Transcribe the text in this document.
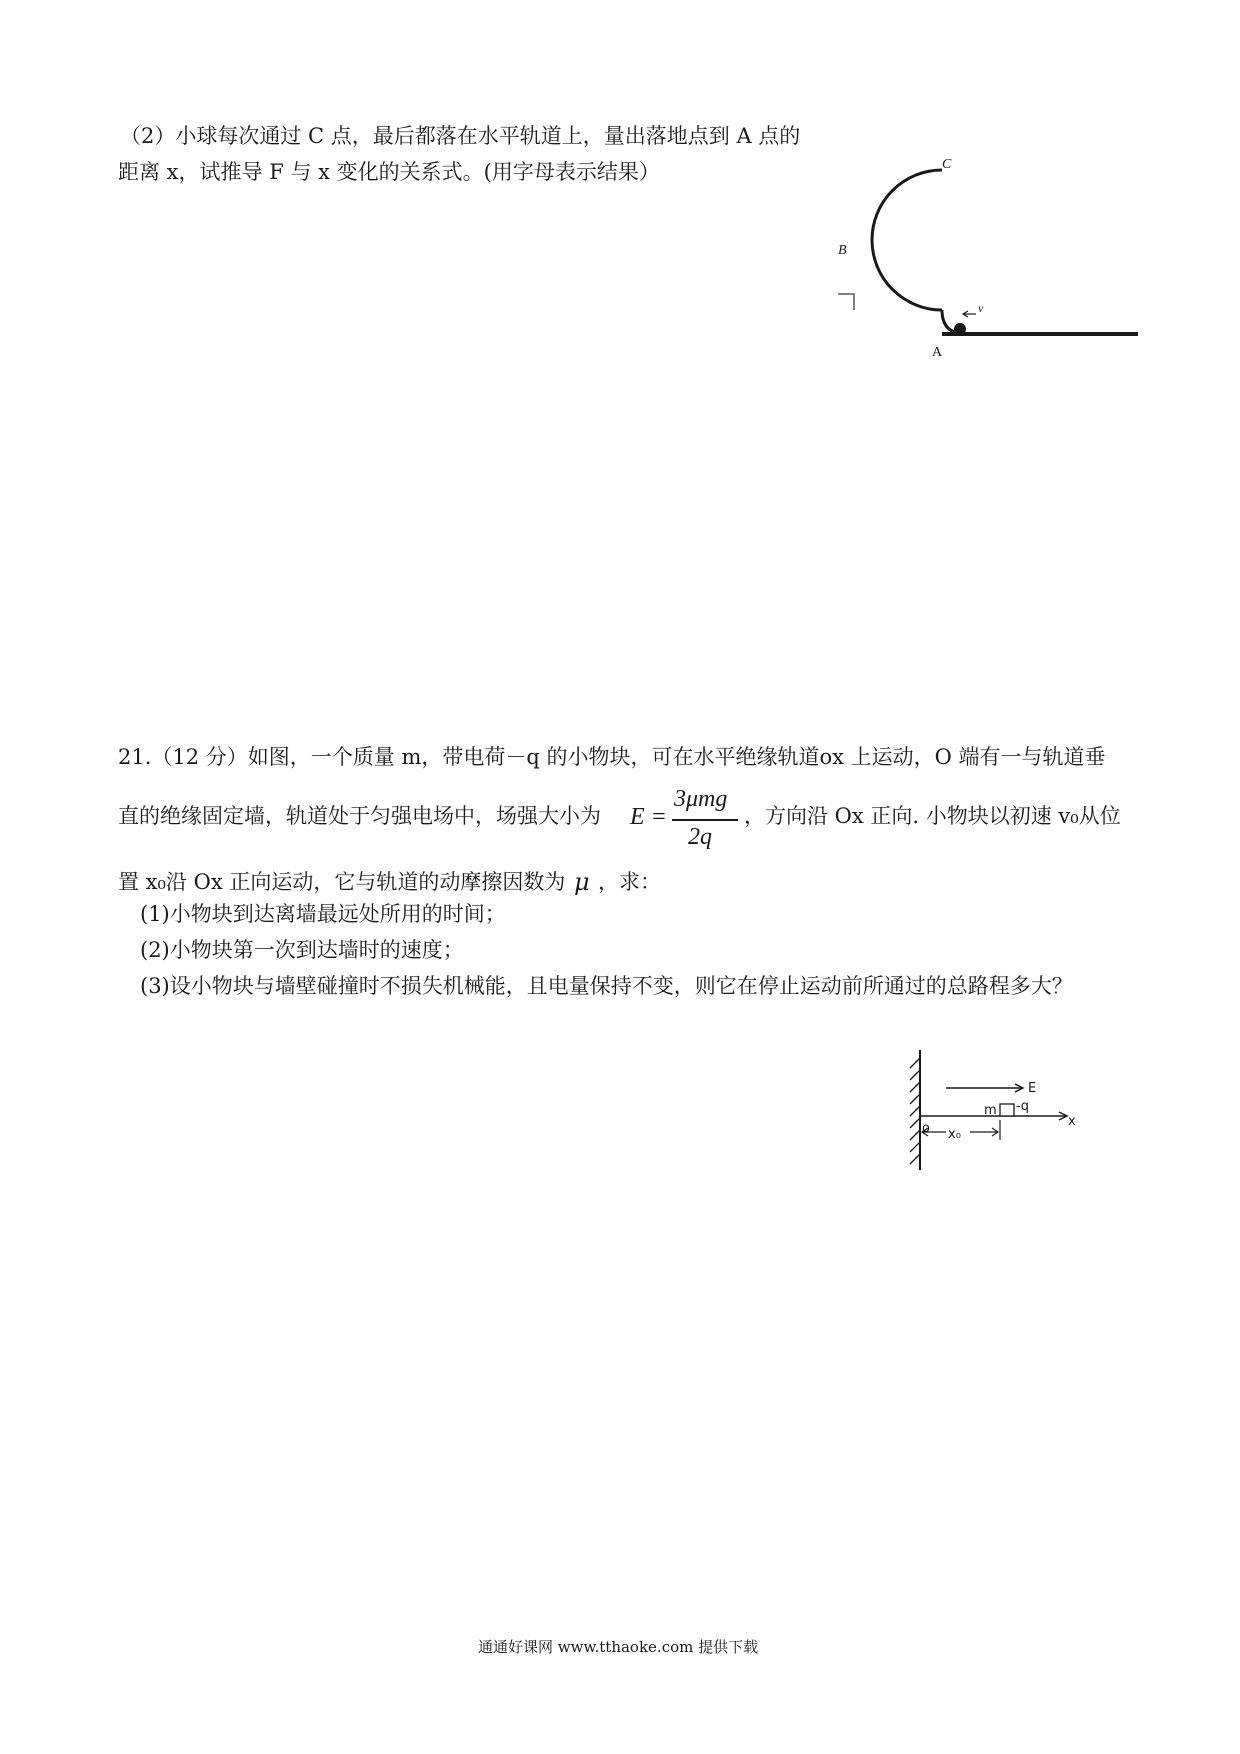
（2）小球每次通过 C 点，最后都落在水平轨道上，量出落地点到 A 点的
距离 x，试推导 F 与 x 变化的关系式。(用字母表示结果）	C
B
v
A
21.（12 分）如图，一个质量 m，带电荷－q 的小物块，可在水平绝缘轨道ox 上运动，O 端有一与轨道垂
直的绝缘固定墙，轨道处于匀强电场中，场强大小为 E =
3μmg
2q
，方向沿 Ox 正向. 小物块以初速 v₀从位
置 x₀沿 Ox 正向运动，它与轨道的动摩擦因数为 μ ，求：
(1)小物块到达离墙最远处所用的时间；
(2)小物块第一次到达墙时的速度；
(3)设小物块与墙壁碰撞时不损失机械能，且电量保持不变，则它在停止运动前所通过的总路程多大？
E
m -q
x
o x₀
通通好课网 www.tthaoke.com 提供下载
